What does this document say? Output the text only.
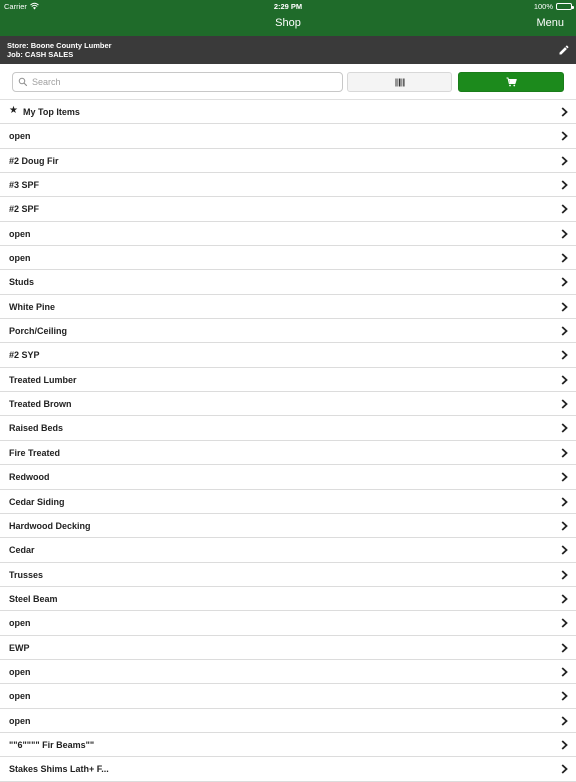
Carrier	2:29 PM	100%
Shop	Menu
Store: Boone County Lumber
Job: CASH SALES
Search
★ My Top Items
open
#2 Doug Fir
#3 SPF
#2 SPF
open
open
Studs
White Pine
Porch/Ceiling
#2 SYP
Treated Lumber
Treated Brown
Raised Beds
Fire Treated
Redwood
Cedar Siding
Hardwood Decking
Cedar
Trusses
Steel Beam
open
EWP
open
open
open
""6"""" Fir Beams""
Stakes Shims Lath+ F...
